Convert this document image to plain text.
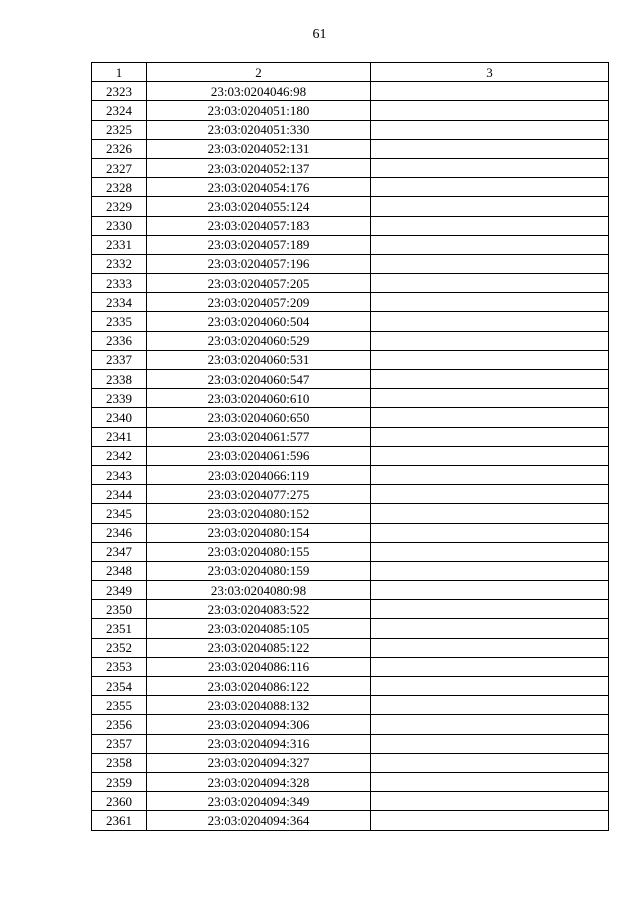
61
1	2	3
2323	23:03:0204046:98	
2324	23:03:0204051:180	
2325	23:03:0204051:330	
2326	23:03:0204052:131	
2327	23:03:0204052:137	
2328	23:03:0204054:176	
2329	23:03:0204055:124	
2330	23:03:0204057:183	
2331	23:03:0204057:189	
2332	23:03:0204057:196	
2333	23:03:0204057:205	
2334	23:03:0204057:209	
2335	23:03:0204060:504	
2336	23:03:0204060:529	
2337	23:03:0204060:531	
2338	23:03:0204060:547	
2339	23:03:0204060:610	
2340	23:03:0204060:650	
2341	23:03:0204061:577	
2342	23:03:0204061:596	
2343	23:03:0204066:119	
2344	23:03:0204077:275	
2345	23:03:0204080:152	
2346	23:03:0204080:154	
2347	23:03:0204080:155	
2348	23:03:0204080:159	
2349	23:03:0204080:98	
2350	23:03:0204083:522	
2351	23:03:0204085:105	
2352	23:03:0204085:122	
2353	23:03:0204086:116	
2354	23:03:0204086:122	
2355	23:03:0204088:132	
2356	23:03:0204094:306	
2357	23:03:0204094:316	
2358	23:03:0204094:327	
2359	23:03:0204094:328	
2360	23:03:0204094:349	
2361	23:03:0204094:364	
